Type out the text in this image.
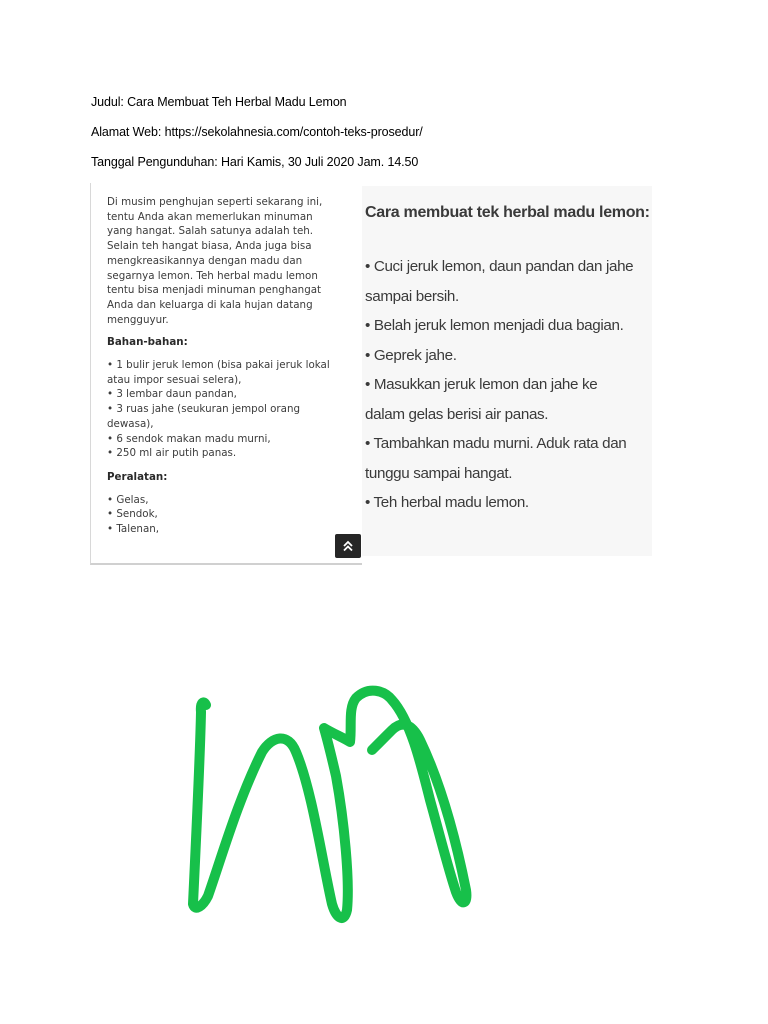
Judul: Cara Membuat Teh Herbal Madu Lemon
Alamat Web: https://sekolahnesia.com/contoh-teks-prosedur/
Tanggal Pengunduhan: Hari Kamis, 30 Juli 2020 Jam. 14.50

Di musim penghujan seperti sekarang ini,
tentu Anda akan memerlukan minuman
yang hangat. Salah satunya adalah teh.
Selain teh hangat biasa, Anda juga bisa
mengkreasikannya dengan madu dan
segarnya lemon. Teh herbal madu lemon
tentu bisa menjadi minuman penghangat
Anda dan keluarga di kala hujan datang
mengguyur.

Bahan-bahan:

• 1 bulir jeruk lemon (bisa pakai jeruk lokal
atau impor sesuai selera),
• 3 lembar daun pandan,
• 3 ruas jahe (seukuran jempol orang
dewasa),
• 6 sendok makan madu murni,
• 250 ml air putih panas.

Peralatan:

• Gelas,
• Sendok,
• Talenan,

Cara membuat tek herbal madu lemon:

• Cuci jeruk lemon, daun pandan dan jahe
sampai bersih.
• Belah jeruk lemon menjadi dua bagian.
• Geprek jahe.
• Masukkan jeruk lemon dan jahe ke
dalam gelas berisi air panas.
• Tambahkan madu murni. Aduk rata dan
tunggu sampai hangat.
• Teh herbal madu lemon.
